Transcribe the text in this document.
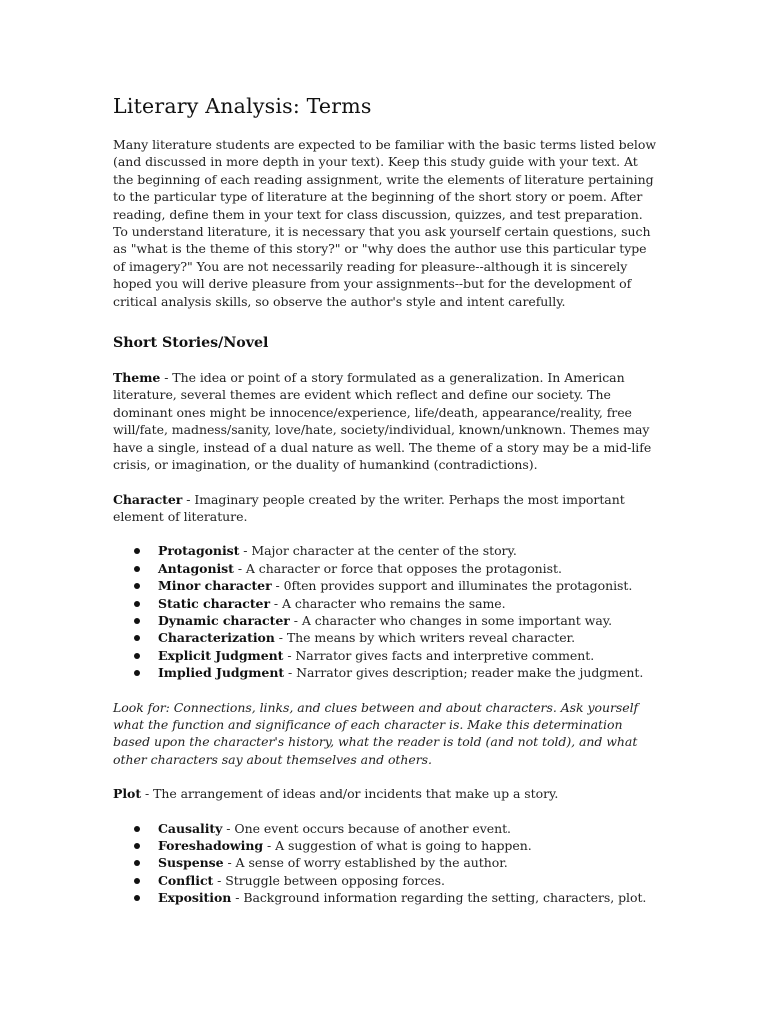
Literary Analysis: Terms

Many literature students are expected to be familiar with the basic terms listed below (and discussed in more depth in your text). Keep this study guide with your text. At the beginning of each reading assignment, write the elements of literature pertaining to the particular type of literature at the beginning of the short story or poem. After reading, define them in your text for class discussion, quizzes, and test preparation. To understand literature, it is necessary that you ask yourself certain questions, such as "what is the theme of this story?" or "why does the author use this particular type of imagery?" You are not necessarily reading for pleasure--although it is sincerely hoped you will derive pleasure from your assignments--but for the development of critical analysis skills, so observe the author's style and intent carefully.

Short Stories/Novel

Theme - The idea or point of a story formulated as a generalization. In American literature, several themes are evident which reflect and define our society. The dominant ones might be innocence/experience, life/death, appearance/reality, free will/fate, madness/sanity, love/hate, society/individual, known/unknown. Themes may have a single, instead of a dual nature as well. The theme of a story may be a mid-life crisis, or imagination, or the duality of humankind (contradictions).

Character - Imaginary people created by the writer. Perhaps the most important element of literature.

Protagonist - Major character at the center of the story.
Antagonist - A character or force that opposes the protagonist.
Minor character - 0ften provides support and illuminates the protagonist.
Static character - A character who remains the same.
Dynamic character - A character who changes in some important way.
Characterization - The means by which writers reveal character.
Explicit Judgment - Narrator gives facts and interpretive comment.
Implied Judgment - Narrator gives description; reader make the judgment.

Look for: Connections, links, and clues between and about characters. Ask yourself what the function and significance of each character is. Make this determination based upon the character's history, what the reader is told (and not told), and what other characters say about themselves and others.

Plot - The arrangement of ideas and/or incidents that make up a story.

Causality - One event occurs because of another event.
Foreshadowing - A suggestion of what is going to happen.
Suspense - A sense of worry established by the author.
Conflict - Struggle between opposing forces.
Exposition - Background information regarding the setting, characters, plot.
